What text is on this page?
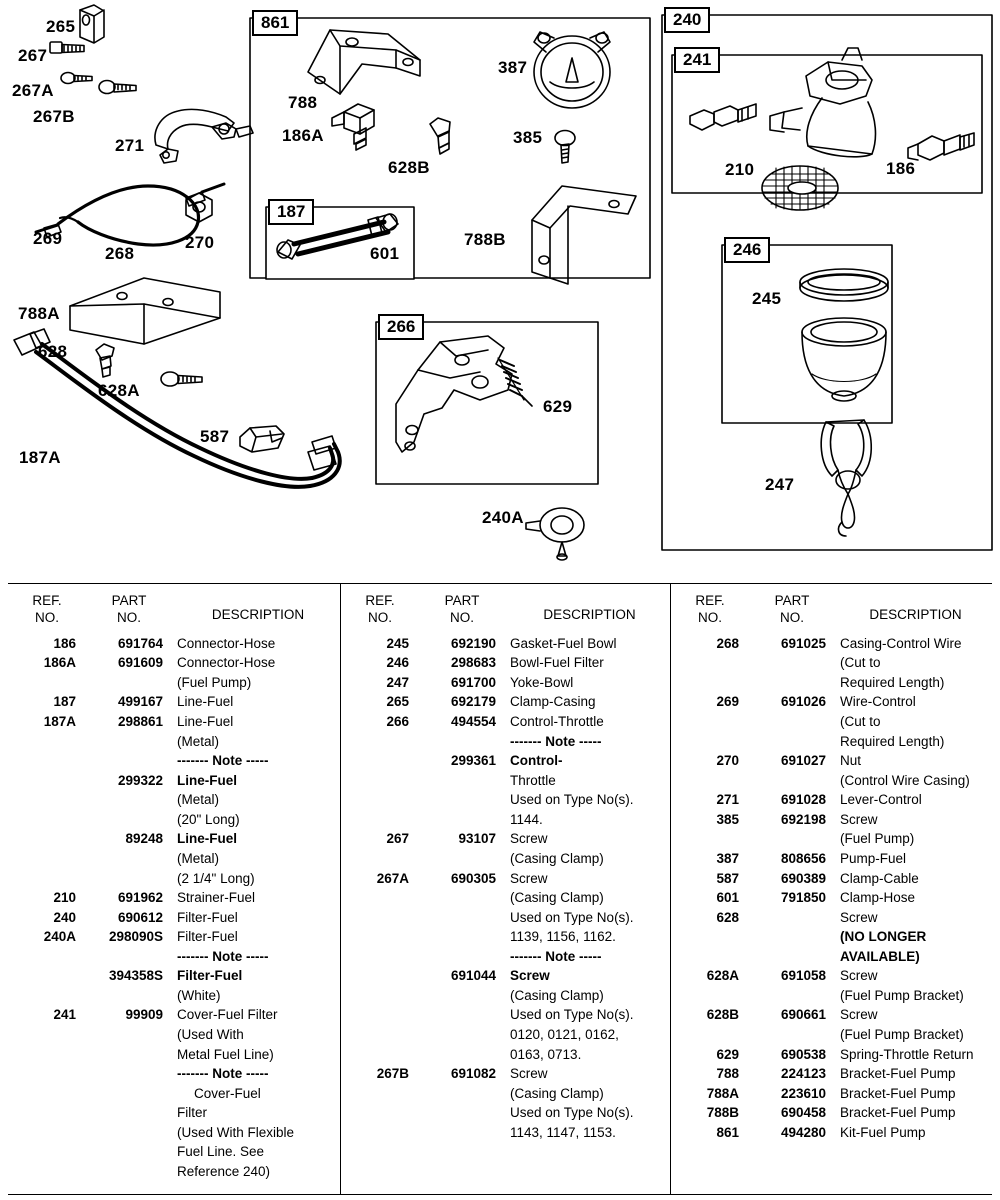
861
187
266
240
241
246
265
267
267A
267B
271
269
268
270
788A
628
628A
587
187A
788
186A
628B
387
385
601
788B
629
240A
210	186
245
247
REF.
NO.
PART
NO.	DESCRIPTION
186	691764	Connector-Hose
186A	691609	Connector-Hose
(Fuel Pump)
187	499167	Line-Fuel
187A	298861	Line-Fuel
(Metal)
------- Note -----
299322	Line-Fuel
(Metal)
(20" Long)
89248	Line-Fuel
(Metal)
(2 1/4" Long)
210	691962	Strainer-Fuel
240	690612	Filter-Fuel
240A	298090S	Filter-Fuel
------- Note -----
394358S	Filter-Fuel
(White)
241	99909	Cover-Fuel Filter
(Used With
Metal Fuel Line)
------- Note -----
Cover-Fuel
Filter
(Used With Flexible
Fuel Line. See
Reference 240)
REF.
NO.
PART
NO.	DESCRIPTION
245	692190	Gasket-Fuel Bowl
246	298683	Bowl-Fuel Filter
247	691700	Yoke-Bowl
265	692179	Clamp-Casing
266	494554	Control-Throttle
------- Note -----
299361	Control-
Throttle
Used on Type No(s).
1144.
267	93107	Screw
(Casing Clamp)
267A	690305	Screw
(Casing Clamp)
Used on Type No(s).
1139, 1156, 1162.
------- Note -----
691044	Screw
(Casing Clamp)
Used on Type No(s).
0120, 0121, 0162,
0163, 0713.
267B	691082	Screw
(Casing Clamp)
Used on Type No(s).
1143, 1147, 1153.
REF.
NO.
PART
NO.	DESCRIPTION
268	691025	Casing-Control Wire
(Cut to
Required Length)
269	691026	Wire-Control
(Cut to
Required Length)
270	691027	Nut
(Control Wire Casing)
271	691028	Lever-Control
385	692198	Screw
(Fuel Pump)
387	808656	Pump-Fuel
587	690389	Clamp-Cable
601	791850	Clamp-Hose
628	Screw
(NO LONGER
AVAILABLE)
628A	691058	Screw
(Fuel Pump Bracket)
628B	690661	Screw
(Fuel Pump Bracket)
629	690538	Spring-Throttle Return
788	224123	Bracket-Fuel Pump
788A	223610	Bracket-Fuel Pump
788B	690458	Bracket-Fuel Pump
861	494280	Kit-Fuel Pump
